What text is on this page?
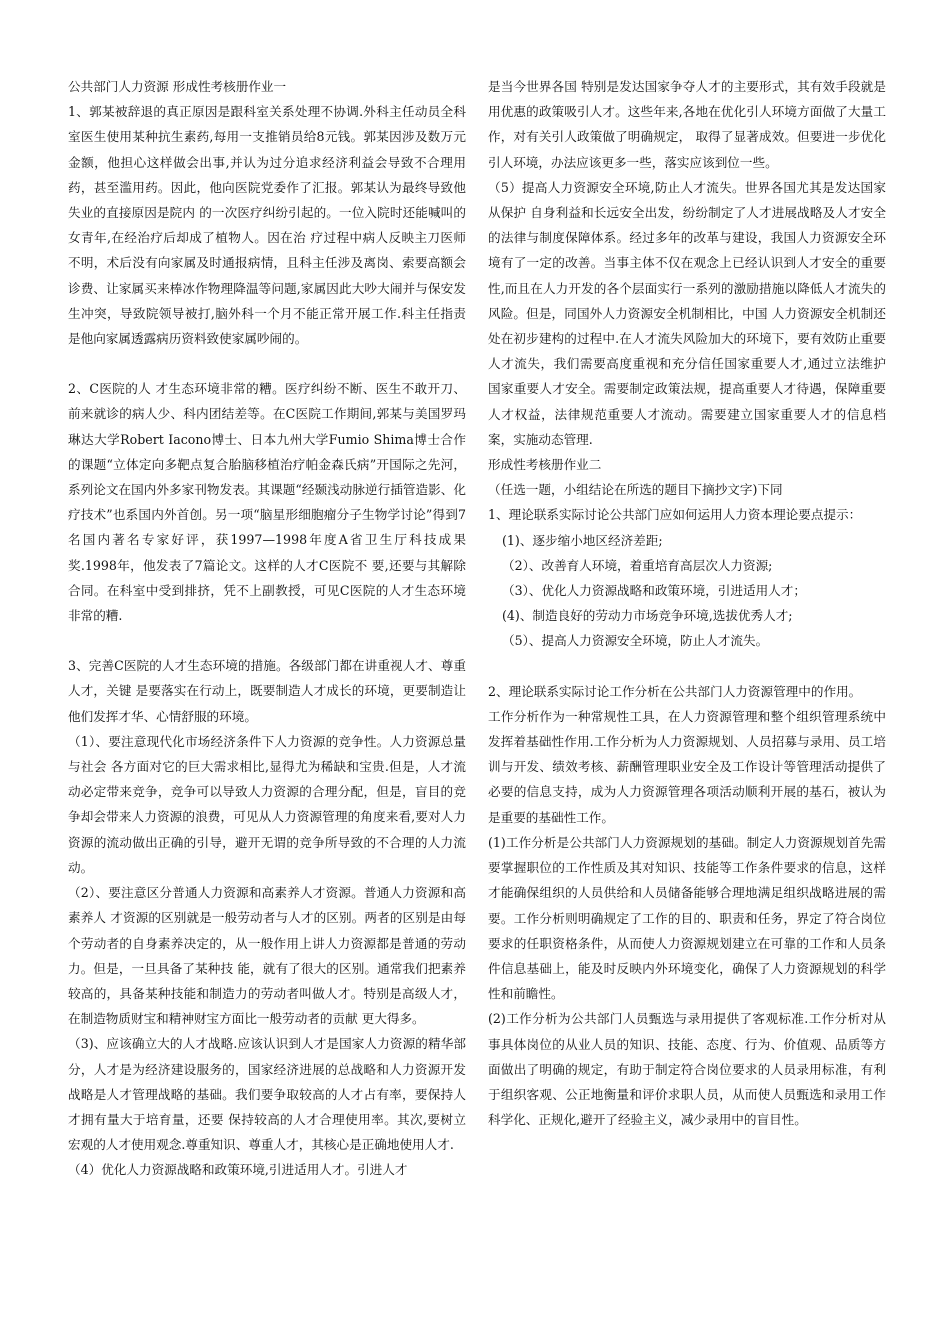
公共部门人力资源 形成性考核册作业一

1、郭某被辞退的真正原因是跟科室关系处理不协调.外科主任动员全科室医生使用某种抗生素药,每用一支推销员给8元钱。郭某因涉及数万元金额，他担心这样做会出事,并认为过分追求经济利益会导致不合理用药，甚至滥用药。因此，他向医院党委作了汇报。郭某认为最终导致他失业的直接原因是院内 的一次医疗纠纷引起的。一位入院时还能喊叫的女青年,在经治疗后却成了植物人。因在治 疗过程中病人反映主刀医师不明，术后没有向家属及时通报病情，且科主任涉及离岗、索要高额会诊费、让家属买来棒冰作物理降温等问题,家属因此大吵大闹并与保安发生冲突，导致院领导被打,脑外科一个月不能正常开展工作.科主任指责是他向家属透露病历资料致使家属吵闹的。

2、C医院的人 才生态环境非常的糟。医疗纠纷不断、医生不敢开刀、前来就诊的病人少、科内团结差等。在C医院工作期间,郭某与美国罗玛琳达大学Robert Iacono博士、日本九州大学Fumio Shima博士合作的课题“立体定向多靶点复合胎脑移植治疗帕金森氏病”开国际之先河，系列论文在国内外多家刊物发表。其课题“经颞浅动脉逆行插管造影、化疗技术”也系国内外首创。另一项“脑星形细胞瘤分子生物学讨论”得到7名国内著名专家好评，获1997—1998年度A省卫生厅科技成果奖.1998年，他发表了7篇论文。这样的人才C医院不 要,还要与其解除合同。在科室中受到排挤，凭不上副教授，可见C医院的人才生态环境非常的糟.

3、完善C医院的人才生态环境的措施。各级部门都在讲重视人才、尊重人才，关键 是要落实在行动上，既要制造人才成长的环境，更要制造让他们发挥才华、心情舒服的环境。

（1）、要注意现代化市场经济条件下人力资源的竞争性。人力资源总量与社会 各方面对它的巨大需求相比,显得尤为稀缺和宝贵.但是，人才流动必定带来竞争，竞争可以导致人力资源的合理分配，但是，盲目的竞争却会带来人力资源的浪费，可见从人力资源管理的角度来看,要对人力资源的流动做出正确的引导，避开无谓的竞争所导致的不合理的人力流动。

（2）、要注意区分普通人力资源和高素养人才资源。普通人力资源和高素养人 才资源的区别就是一般劳动者与人才的区别。两者的区别是由每个劳动者的自身素养决定的，从一般作用上讲人力资源都是普通的劳动力。但是，一旦具备了某种技 能，就有了很大的区别。通常我们把素养较高的，具备某种技能和制造力的劳动者叫做人才。特别是高级人才，在制造物质财宝和精神财宝方面比一般劳动者的贡献 更大得多。

（3)、应该确立大的人才战略.应该认识到人才是国家人力资源的精华部分，人才是为经济建设服务的，国家经济进展的总战略和人力资源开发战略是人才管理战略的基础。我们要争取较高的人才占有率，要保持人才拥有量大于培育量，还要 保持较高的人才合理使用率。其次,要树立宏观的人才使用观念.尊重知识、尊重人才，其核心是正确地使用人才.

（4）优化人力资源战略和政策环境,引进适用人才。引进人才

是当今世界各国 特别是发达国家争夺人才的主要形式，其有效手段就是用优惠的政策吸引人才。这些年来,各地在优化引人环境方面做了大量工作，对有关引人政策做了明确规定， 取得了显著成效。但要进一步优化引人环境，办法应该更多一些，落实应该到位一些。

（5）提高人力资源安全环境,防止人才流失。世界各国尤其是发达国家从保护 自身利益和长远安全出发，纷纷制定了人才进展战略及人才安全的法律与制度保障体系。经过多年的改革与建设，我国人力资源安全环境有了一定的改善。当事主体不仅在观念上已经认识到人才安全的重要性,而且在人力开发的各个层面实行一系列的激励措施以降低人才流失的风险。但是，同国外人力资源安全机制相比，中国 人力资源安全机制还处在初步建构的过程中.在人才流失风险加大的环境下，要有效防止重要人才流失，我们需要高度重视和充分信任国家重要人才,通过立法维护 国家重要人才安全。需要制定政策法规，提高重要人才待遇，保障重要人才权益，法律规范重要人才流动。需要建立国家重要人才的信息档案，实施动态管理.

形成性考核册作业二

（任选一题，小组结论在所选的题目下摘抄文字)下同

1、理论联系实际讨论公共部门应如何运用人力资本理论要点提示：

(1)、逐步缩小地区经济差距;

（2）、改善育人环境，着重培育高层次人力资源;

（3）、优化人力资源战略和政策环境，引进适用人才；

(4)、制造良好的劳动力市场竞争环境,选拔优秀人才;

（5）、提高人力资源安全环境，防止人才流失。

2、理论联系实际讨论工作分析在公共部门人力资源管理中的作用。

工作分析作为一种常规性工具，在人力资源管理和整个组织管理系统中发挥着基础性作用.工作分析为人力资源规划、人员招募与录用、员工培训与开发、绩效考核、薪酬管理职业安全及工作设计等管理活动提供了必要的信息支持，成为人力资源管理各项活动顺利开展的基石，被认为是重要的基础性工作。

(1)工作分析是公共部门人力资源规划的基础。制定人力资源规划首先需要掌握职位的工作性质及其对知识、技能等工作条件要求的信息，这样才能确保组织的人员供给和人员储备能够合理地满足组织战略进展的需要。工作分析则明确规定了工作的目的、职责和任务，界定了符合岗位要求的任职资格条件，从而使人力资源规划建立在可靠的工作和人员条件信息基础上，能及时反映内外环境变化，确保了人力资源规划的科学性和前瞻性。

(2)工作分析为公共部门人员甄选与录用提供了客观标准.工作分析对从事具体岗位的从业人员的知识、技能、态度、行为、价值观、品质等方面做出了明确的规定，有助于制定符合岗位要求的人员录用标准，有利于组织客观、公正地衡量和评价求职人员，从而使人员甄选和录用工作科学化、正规化,避开了经验主义，减少录用中的盲目性。
